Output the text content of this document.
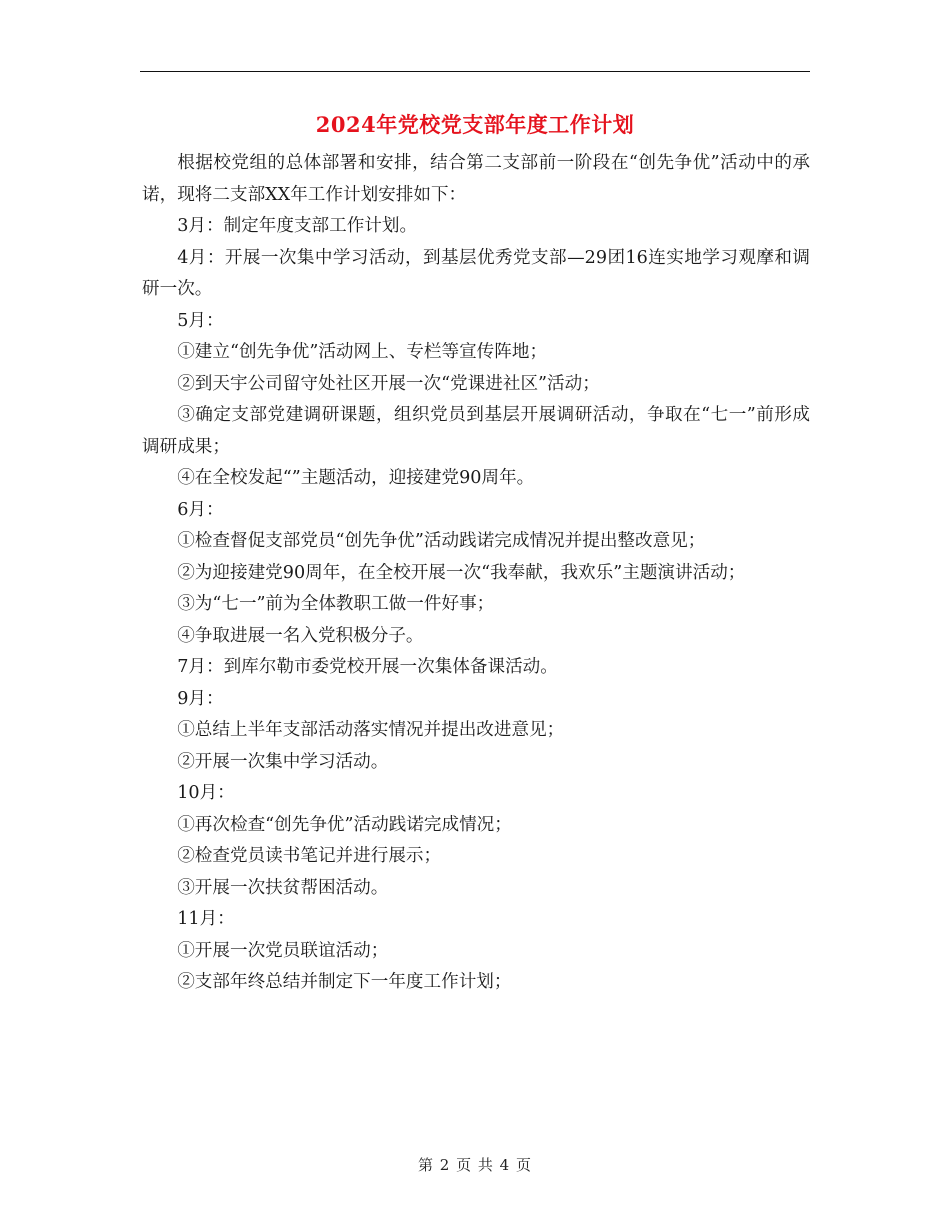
2024年党校党支部年度工作计划

根据校党组的总体部署和安排，结合第二支部前一阶段在“创先争优”活动中的承诺，现将二支部XX年工作计划安排如下：

3月：制定年度支部工作计划。

4月：开展一次集中学习活动，到基层优秀党支部—29团16连实地学习观摩和调研一次。

5月：

①建立“创先争优”活动网上、专栏等宣传阵地；

②到天宇公司留守处社区开展一次“党课进社区”活动；

③确定支部党建调研课题，组织党员到基层开展调研活动，争取在“七一”前形成调研成果；

④在全校发起“”主题活动，迎接建党90周年。

6月：

①检查督促支部党员“创先争优”活动践诺完成情况并提出整改意见；

②为迎接建党90周年，在全校开展一次“我奉献，我欢乐”主题演讲活动；

③为“七一”前为全体教职工做一件好事；

④争取进展一名入党积极分子。

7月：到库尔勒市委党校开展一次集体备课活动。

9月：

①总结上半年支部活动落实情况并提出改进意见；

②开展一次集中学习活动。

10月：

①再次检查“创先争优”活动践诺完成情况；

②检查党员读书笔记并进行展示；

③开展一次扶贫帮困活动。

11月：

①开展一次党员联谊活动；

②支部年终总结并制定下一年度工作计划；

第 2 页 共 4 页
